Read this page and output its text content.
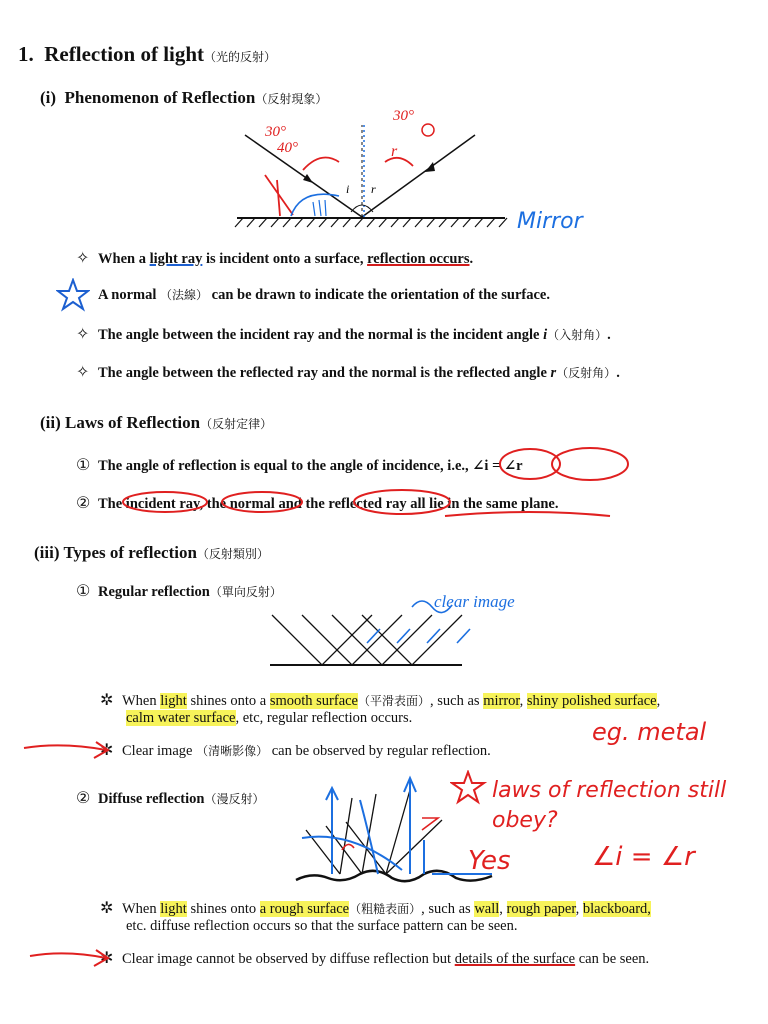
1. Reflection of light（光的反射）
(i) Phenomenon of Reflection（反射現象）
i r
30°
40°
30°
r
Mirror
✧ When a light ray is incident onto a surface, reflection occurs.
A normal （法線） can be drawn to indicate the orientation of the surface.
✧ The angle between the incident ray and the normal is the incident angle i（入射角）.
✧ The angle between the reflected ray and the normal is the reflected angle r（反射角）.
(ii) Laws of Reflection（反射定律）
① The angle of reflection is equal to the angle of incidence, i.e., ∠i = ∠r
② The incident ray, the normal and the reflected ray all lie in the same plane.
(iii) Types of reflection（反射類別）
① Regular reflection（單向反射）	clear image
✲ When light shines onto a smooth surface（平滑表面）, such as mirror, shiny polished surface,
calm water surface, etc, regular reflection occurs.
✲ Clear image （清晰影像） can be observed by regular reflection.
eg. metal
② Diffuse reflection（漫反射）	laws of reflection still obey?
Yes	∠i = ∠r
✲ When light shines onto a rough surface（粗糙表面）, such as wall, rough paper, blackboard,
etc. diffuse reflection occurs so that the surface pattern can be seen.
✲ Clear image cannot be observed by diffuse reflection but details of the surface can be seen.
